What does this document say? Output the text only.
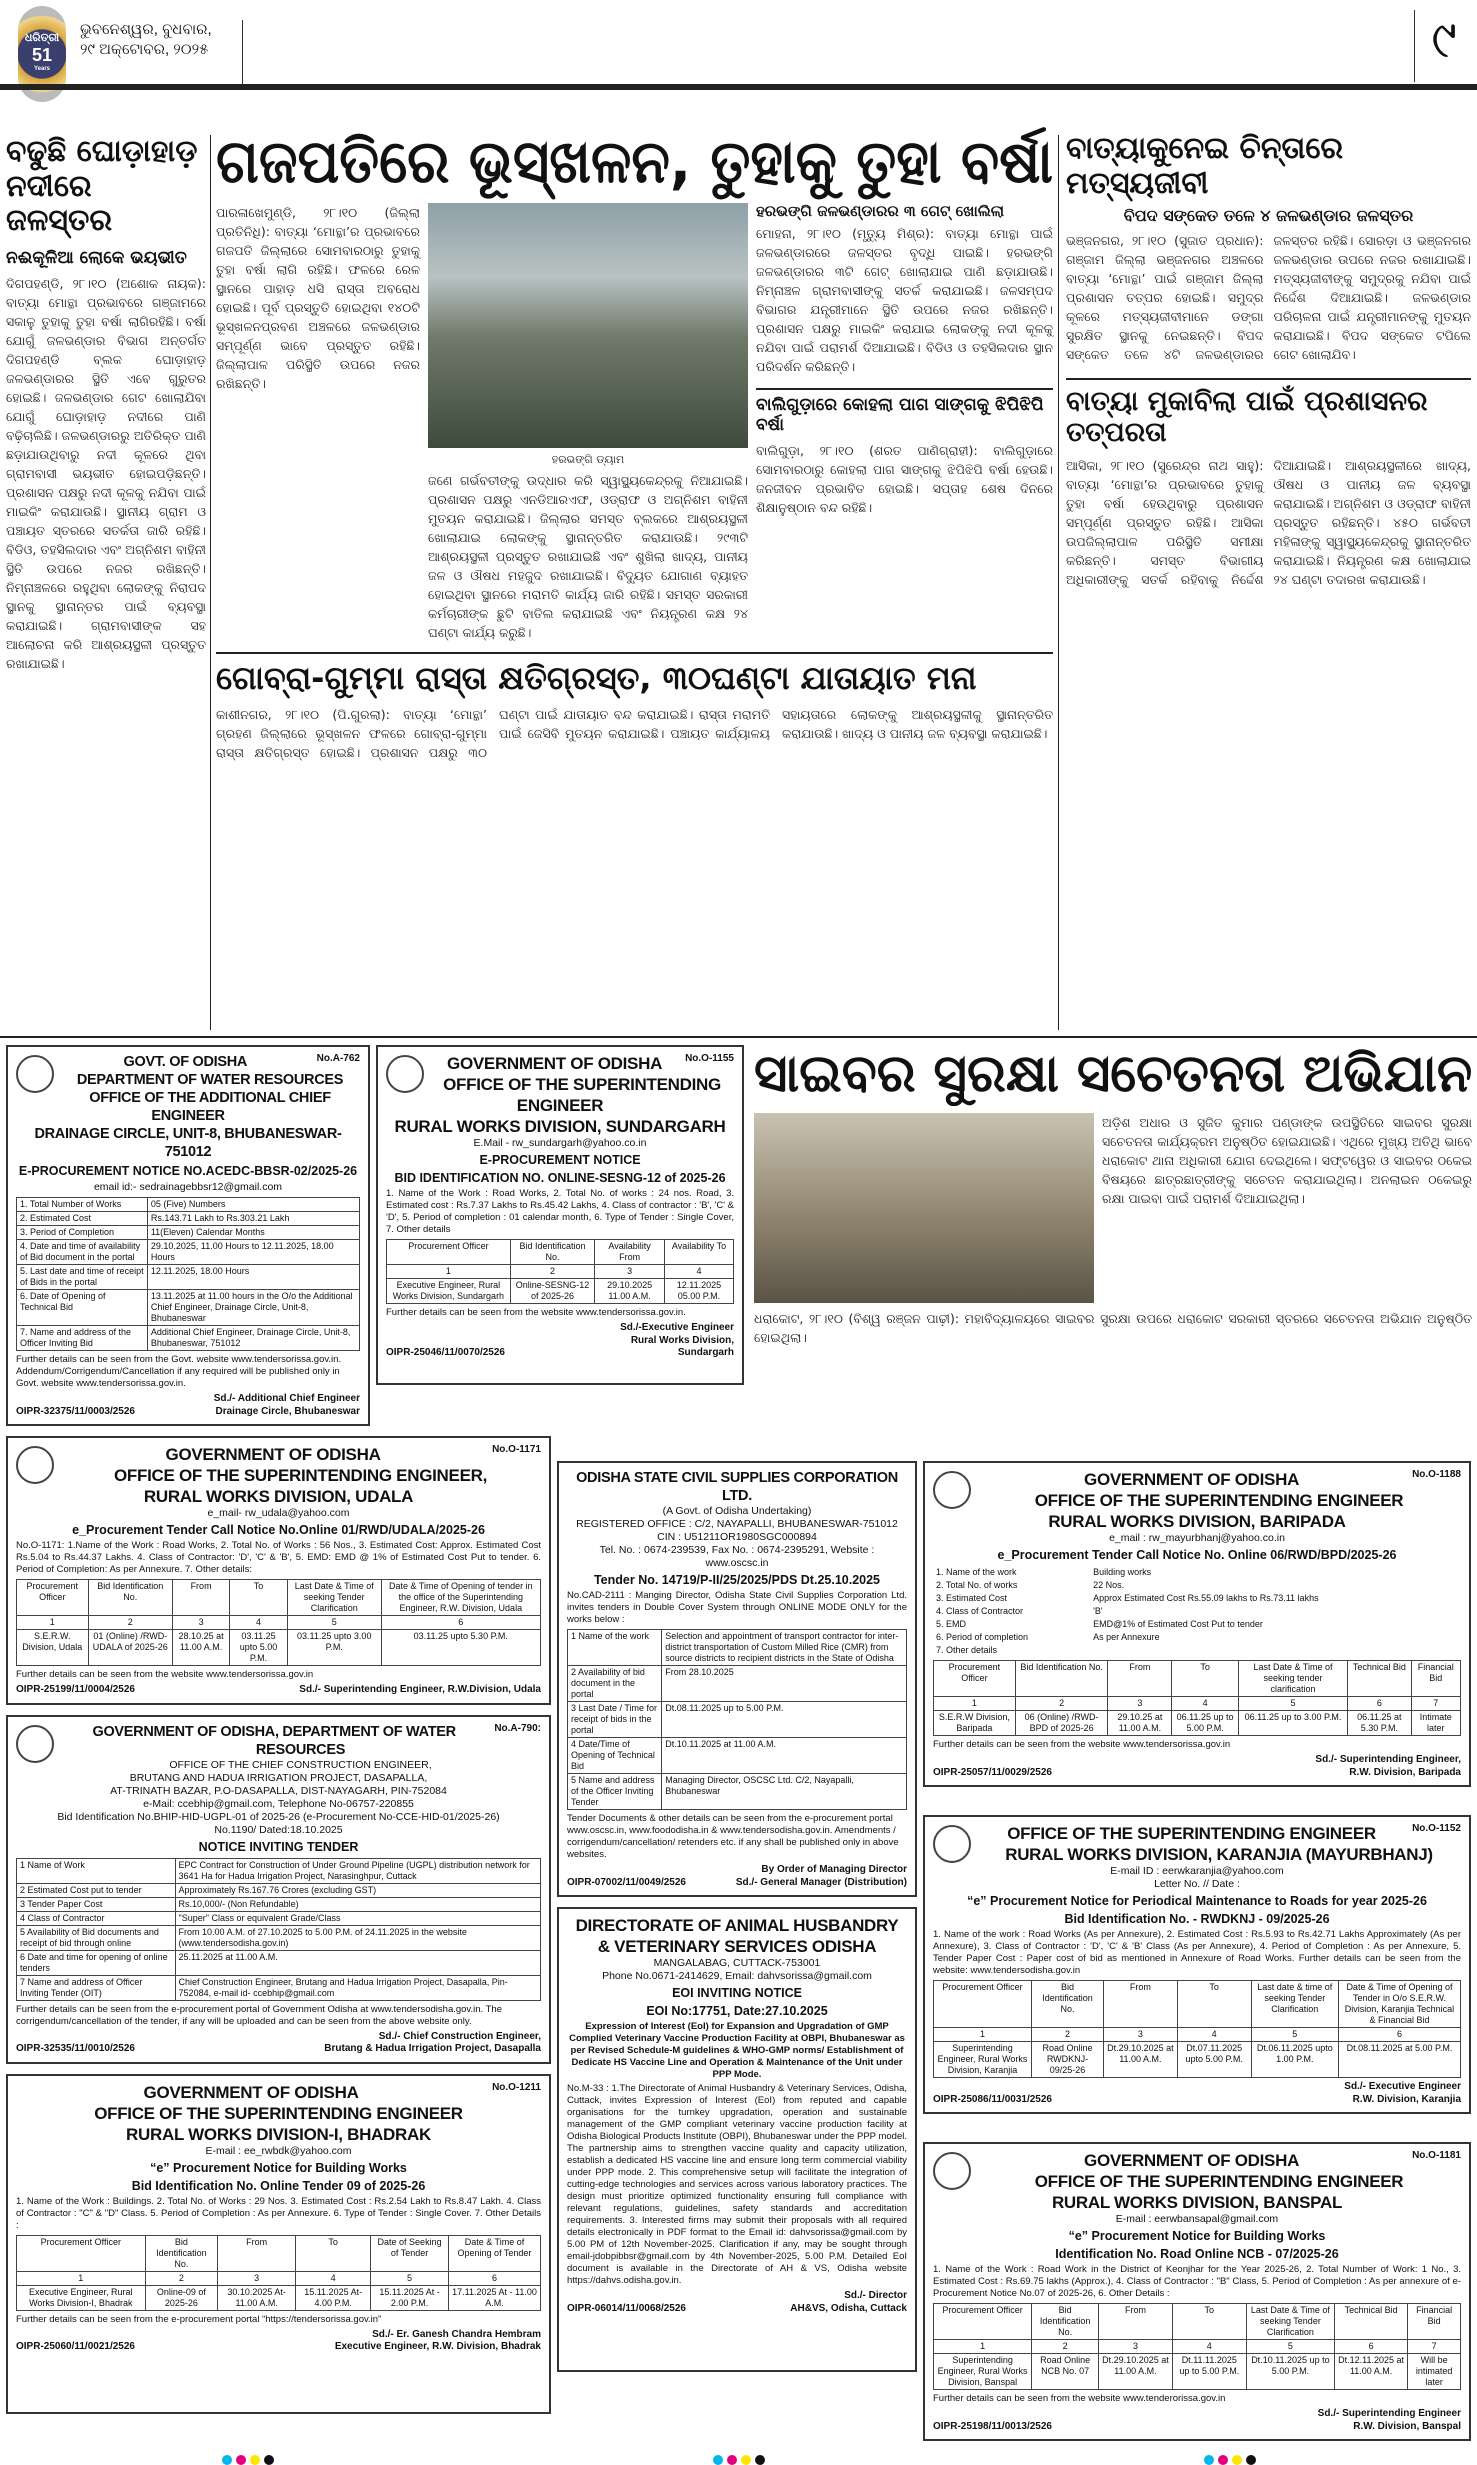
ଧରିତ୍ରୀ
51
Years
ଭୁବନେଶ୍ୱର, ବୁଧବାର,
୨୯ ଅକ୍ଟୋବର, ୨୦୨୫	୯
ବଢୁଛି ଘୋଡ଼ାହାଡ଼ ନଦୀରେ ଜଳସ୍ତର
ନଈକୂଳିଆ ଲୋକେ ଭୟଭୀତ
ଦିଗପହଣ୍ଡି, ୨୮।୧୦ (ଅଶୋକ ନାୟକ): ବାତ୍ୟା ମୋନ୍ଥା ପ୍ରଭାବରେ ଗଞ୍ଜାମରେ ସକାଳୁ ତୁହାକୁ ତୁହା ବର୍ଷା ଲାଗିରହିଛି। ବର୍ଷା ଯୋଗୁଁ ଜଳଭଣ୍ଡାର ବିଭାଗ ଅନ୍ତର୍ଗତ ଦିଗପହଣ୍ଡି ବ୍ଲକ ଘୋଡ଼ାହାଡ଼ ଜଳଭଣ୍ଡାରର ସ୍ଥିତି ଏବେ ଗୁରୁତର ହୋଇଛି। ଜଳଭଣ୍ଡାର ଗେଟ ଖୋଲାଯିବା ଯୋଗୁଁ ଘୋଡ଼ାହାଡ଼ ନଦୀରେ ପାଣି ବଢ଼ିଚାଲିଛି। ଜଳଭଣ୍ଡାରରୁ ଅତିରିକ୍ତ ପାଣି ଛଡ଼ାଯାଉଥିବାରୁ ନଦୀ କୂଳରେ ଥିବା ଗ୍ରାମବାସୀ ଭୟଭୀତ ହୋଇପଡ଼ିଛନ୍ତି। ପ୍ରଶାସନ ପକ୍ଷରୁ ନଦୀ କୂଳକୁ ନଯିବା ପାଇଁ ମାଇକିଂ କରାଯାଉଛି। ସ୍ଥାନୀୟ ଗ୍ରାମ ଓ ପଞ୍ଚାୟତ ସ୍ତରରେ ସତର୍କତା ଜାରି ରହିଛି। ବିଡିଓ, ତହସିଲଦାର ଏବଂ ଅଗ୍ନିଶମ ବାହିନୀ ସ୍ଥିତି ଉପରେ ନଜର ରଖିଛନ୍ତି। ନିମ୍ନାଞ୍ଚଳରେ ରହୁଥିବା ଲୋକଙ୍କୁ ନିରାପଦ ସ୍ଥାନକୁ ସ୍ଥାନାନ୍ତର ପାଇଁ ବ୍ୟବସ୍ଥା କରାଯାଇଛି। ଗ୍ରାମବାସୀଙ୍କ ସହ ଆଲୋଚନା କରି ଆଶ୍ରୟସ୍ଥଳୀ ପ୍ରସ୍ତୁତ ରଖାଯାଇଛି।
ଗଜପତିରେ ଭୂସ୍ଖଳନ, ତୁହାକୁ ତୁହା ବର୍ଷା
ପାରଳାଖେମୁଣ୍ଡି, ୨୮।୧୦ (ଜିଲ୍ଲା ପ୍ରତିନିଧି): ବାତ୍ୟା ‘ମୋନ୍ଥା’ର ପ୍ରଭାବରେ ଗଜପତି ଜିଲ୍ଲାରେ ସୋମବାରଠାରୁ ତୁହାକୁ ତୁହା ବର୍ଷା ଲାଗି ରହିଛି। ଫଳରେ ରେଳ ସ୍ଥାନରେ ପାହାଡ଼ ଧସି ରାସ୍ତା ଅବରୋଧ ହୋଇଛି। ପୂର୍ବ ପ୍ରସ୍ତୁତି ହୋଇଥିବା ୧୪୦ଟି ଭୂସ୍ଖଳନପ୍ରବଣ ଅଞ୍ଚଳରେ ଜଳଭଣ୍ଡାର ସମ୍ପୂର୍ଣ୍ଣ ଭାବେ ପ୍ରସ୍ତୁତ ରହିଛି। ଜିଲ୍ଲାପାଳ ପରିସ୍ଥିତି ଉପରେ ନଜର ରଖିଛନ୍ତି।
ହରଭଙ୍ଗି ଡ୍ୟାମ
ଜଣେ ଗର୍ଭବତୀଙ୍କୁ ଉଦ୍ଧାର କରି ସ୍ୱାସ୍ଥ୍ୟକେନ୍ଦ୍ରକୁ ନିଆଯାଇଛି। ପ୍ରଶାସନ ପକ୍ଷରୁ ଏନଡିଆରଏଫ, ଓଡ୍ରାଫ ଓ ଅଗ୍ନିଶମ ବାହିନୀ ମୁତୟନ କରାଯାଇଛି। ଜିଲ୍ଲାର ସମସ୍ତ ବ୍ଲକରେ ଆଶ୍ରୟସ୍ଥଳୀ ଖୋଲାଯାଇ ଲୋକଙ୍କୁ ସ୍ଥାନାନ୍ତରିତ କରାଯାଉଛି। ୨୯୩ଟି ଆଶ୍ରୟସ୍ଥଳୀ ପ୍ରସ୍ତୁତ ରଖାଯାଇଛି ଏବଂ ଶୁଖିଲା ଖାଦ୍ୟ, ପାନୀୟ ଜଳ ଓ ଔଷଧ ମହଜୁଦ ରଖାଯାଇଛି। ବିଦ୍ୟୁତ ଯୋଗାଣ ବ୍ୟାହତ ହୋଇଥିବା ସ୍ଥାନରେ ମରାମତି କାର୍ଯ୍ୟ ଜାରି ରହିଛି। ସମସ୍ତ ସରକାରୀ କର୍ମଚାରୀଙ୍କ ଛୁଟି ବାତିଲ କରାଯାଇଛି ଏବଂ ନିୟନ୍ତ୍ରଣ କକ୍ଷ ୨୪ ଘଣ୍ଟା କାର୍ଯ୍ୟ କରୁଛି।
ହରଭଙ୍ଗି ଜଳଭଣ୍ଡାରର ୩ ଗେଟ୍ ଖୋଲିଲା
ମୋହନା, ୨୮।୧୦ (ମୃତ୍ୟୁ ମିଶ୍ର): ବାତ୍ୟା ମୋନ୍ଥା ପାଇଁ ଜଳଭଣ୍ଡାରରେ ଜଳସ୍ତର ବୃଦ୍ଧି ପାଇଛି। ହରଭଙ୍ଗି ଜଳଭଣ୍ଡାରର ୩ଟି ଗେଟ୍ ଖୋଲାଯାଇ ପାଣି ଛଡ଼ାଯାଉଛି। ନିମ୍ନାଞ୍ଚଳ ଗ୍ରାମବାସୀଙ୍କୁ ସତର୍କ କରାଯାଇଛି। ଜଳସମ୍ପଦ ବିଭାଗର ଯନ୍ତ୍ରୀମାନେ ସ୍ଥିତି ଉପରେ ନଜର ରଖିଛନ୍ତି। ପ୍ରଶାସନ ପକ୍ଷରୁ ମାଇକିଂ କରାଯାଇ ଲୋକଙ୍କୁ ନଦୀ କୂଳକୁ ନଯିବା ପାଇଁ ପରାମର୍ଶ ଦିଆଯାଇଛି। ବିଡିଓ ଓ ତହସିଲଦାର ସ୍ଥାନ ପରିଦର୍ଶନ କରିଛନ୍ତି।
ବାଲିଗୁଡ଼ାରେ କୋହଲା ପାଗ ସାଙ୍ଗକୁ ଝିପିଝିପି ବର୍ଷା
ବାଲିଗୁଡ଼ା, ୨୮।୧୦ (ଶରତ ପାଣିଗ୍ରାହୀ): ବାଲିଗୁଡ଼ାରେ ସୋମବାରଠାରୁ କୋହଲା ପାଗ ସାଙ୍ଗକୁ ଝିପିଝିପି ବର୍ଷା ହେଉଛି। ଜନଜୀବନ ପ୍ରଭାବିତ ହୋଇଛି। ସପ୍ତାହ ଶେଷ ଦିନରେ ଶିକ୍ଷାନୁଷ୍ଠାନ ବନ୍ଦ ରହିଛି।
ଗୋବ୍ରା-ଗୁମ୍ମା ରାସ୍ତା କ୍ଷତିଗ୍ରସ୍ତ, ୩୦ଘଣ୍ଟା ଯାତାୟାତ ମନା
କାଶୀନଗର, ୨୮।୧୦ (ପି.ଗୁରଲା): ବାତ୍ୟା ‘ମୋନ୍ଥା’ ଗ୍ରହଣ ଜିଲ୍ଲାରେ ଭୂସ୍ଖଳନ ଫଳରେ ଗୋବ୍ରା-ଗୁମ୍ମା ରାସ୍ତା କ୍ଷତିଗ୍ରସ୍ତ ହୋଇଛି। ପ୍ରଶାସନ ପକ୍ଷରୁ ୩୦ ଘଣ୍ଟା ପାଇଁ ଯାତାୟାତ ବନ୍ଦ କରାଯାଇଛି। ରାସ୍ତା ମରାମତି ପାଇଁ ଜେସିବି ମୁତୟନ କରାଯାଇଛି। ପଞ୍ଚାୟତ କାର୍ଯ୍ୟାଳୟ ସହାୟତାରେ ଲୋକଙ୍କୁ ଆଶ୍ରୟସ୍ଥଳୀକୁ ସ୍ଥାନାନ୍ତରିତ କରାଯାଉଛି। ଖାଦ୍ୟ ଓ ପାନୀୟ ଜଳ ବ୍ୟବସ୍ଥା କରାଯାଇଛି।
ବାତ୍ୟାକୁନେଇ ଚିନ୍ତାରେ ମତ୍ସ୍ୟଜୀବୀ
ବିପଦ ସଙ୍କେତ ତଳେ ୪ ଜଳଭଣ୍ଡାର ଜଳସ୍ତର
ଭଞ୍ଜନଗର, ୨୮।୧୦ (ସୁଜାତ ପ୍ରଧାନ): ଗଞ୍ଜାମ ଜିଲ୍ଲା ଭଞ୍ଜନଗର ଅଞ୍ଚଳରେ ବାତ୍ୟା ‘ମୋନ୍ଥା’ ପାଇଁ ଗଞ୍ଜାମ ଜିଲ୍ଲା ପ୍ରଶାସନ ତତ୍ପର ହୋଇଛି। ସମୁଦ୍ର କୂଳରେ ମତ୍ସ୍ୟଜୀବୀମାନେ ଡଙ୍ଗା ସୁରକ୍ଷିତ ସ୍ଥାନକୁ ନେଇଛନ୍ତି। ବିପଦ ସଙ୍କେତ ତଳେ ୪ଟି ଜଳଭଣ୍ଡାରର ଜଳସ୍ତର ରହିଛି। ସୋରଡ଼ା ଓ ଭଞ୍ଜନଗର ଜଳଭଣ୍ଡାର ଉପରେ ନଜର ରଖାଯାଇଛି। ମତ୍ସ୍ୟଜୀବୀଙ୍କୁ ସମୁଦ୍ରକୁ ନଯିବା ପାଇଁ ନିର୍ଦ୍ଦେଶ ଦିଆଯାଇଛି। ଜଳଭଣ୍ଡାର ପରିଚାଳନା ପାଇଁ ଯନ୍ତ୍ରୀମାନଙ୍କୁ ମୁତୟନ କରାଯାଇଛି। ବିପଦ ସଙ୍କେତ ଟପିଲେ ଗେଟ ଖୋଲାଯିବ।
ବାତ୍ୟା ମୁକାବିଲା ପାଇଁ ପ୍ରଶାସନର ତତ୍ପରତା
ଆସିକା, ୨୮।୧୦ (ସୁରେନ୍ଦ୍ର ନାଥ ସାହୁ): ବାତ୍ୟା ‘ମୋନ୍ଥା’ର ପ୍ରଭାବରେ ତୁହାକୁ ତୁହା ବର୍ଷା ହେଉଥିବାରୁ ପ୍ରଶାସନ ସମ୍ପୂର୍ଣ୍ଣ ପ୍ରସ୍ତୁତ ରହିଛି। ଆସିକା ଉପଜିଲ୍ଲାପାଳ ପରିସ୍ଥିତି ସମୀକ୍ଷା କରିଛନ୍ତି। ସମସ୍ତ ବିଭାଗୀୟ ଅଧିକାରୀଙ୍କୁ ସତର୍କ ରହିବାକୁ ନିର୍ଦ୍ଦେଶ ଦିଆଯାଇଛି। ଆଶ୍ରୟସ୍ଥଳୀରେ ଖାଦ୍ୟ, ଔଷଧ ଓ ପାନୀୟ ଜଳ ବ୍ୟବସ୍ଥା କରାଯାଇଛି। ଅଗ୍ନିଶମ ଓ ଓଡ୍ରାଫ ବାହିନୀ ପ୍ରସ୍ତୁତ ରହିଛନ୍ତି। ୪୫୦ ଗର୍ଭବତୀ ମହିଳାଙ୍କୁ ସ୍ୱାସ୍ଥ୍ୟକେନ୍ଦ୍ରକୁ ସ୍ଥାନାନ୍ତରିତ କରାଯାଇଛି। ନିୟନ୍ତ୍ରଣ କକ୍ଷ ଖୋଲାଯାଇ ୨୪ ଘଣ୍ଟା ତଦାରଖ କରାଯାଉଛି।
No.A-762
GOVT. OF ODISHA
DEPARTMENT OF WATER RESOURCES
OFFICE OF THE ADDITIONAL CHIEF ENGINEER
DRAINAGE CIRCLE, UNIT-8, BHUBANESWAR-751012
E-PROCUREMENT NOTICE NO.ACEDC-BBSR-02/2025-26
email id:- sedrainagebbsr12@gmail.com
1. Total Number of Works	05 (Five) Numbers
2. Estimated Cost	Rs.143.71 Lakh to Rs.303.21 Lakh
3. Period of Completion	11(Eleven) Calendar Months
4. Date and time of availability of Bid document in the portal	29.10.2025, 11.00 Hours to 12.11.2025, 18.00 Hours
5. Last date and time of receipt of Bids in the portal	12.11.2025, 18.00 Hours
6. Date of Opening of Technical Bid	13.11.2025 at 11.00 hours in the O/o the Additional Chief Engineer, Drainage Circle, Unit-8, Bhubaneswar
7. Name and address of the Officer Inviting Bid	Additional Chief Engineer, Drainage Circle, Unit-8, Bhubaneswar, 751012
Further details can be seen from the Govt. website www.tendersorissa.gov.in. Addendum/Corrigendum/Cancellation if any required will be published only in Govt. website www.tendersorissa.gov.in.
OIPR-32375/11/0003/2526
Sd./- Additional Chief Engineer
Drainage Circle, Bhubaneswar
No.O-1155
GOVERNMENT OF ODISHA
OFFICE OF THE SUPERINTENDING ENGINEER
RURAL WORKS DIVISION, SUNDARGARH
E.Mail - rw_sundargarh@yahoo.co.in
E-PROCUREMENT NOTICE
BID IDENTIFICATION NO. ONLINE-SESNG-12 of 2025-26
1. Name of the Work : Road Works, 2. Total No. of works : 24 nos. Road, 3. Estimated cost : Rs.7.37 Lakhs to Rs.45.42 Lakhs, 4. Class of contractor : 'B', 'C' & 'D', 5. Period of completion : 01 calendar month, 6. Type of Tender : Single Cover, 7. Other details
Procurement Officer	Bid Identification No.	Availability From	Availability To
1	2	3	4
Executive Engineer, Rural Works Division, Sundargarh	Online-SESNG-12 of 2025-26	29.10.2025 11.00 A.M.	12.11.2025 05.00 P.M.
Further details can be seen from the website www.tendersorissa.gov.in.
OIPR-25046/11/0070/2526
Sd./-Executive Engineer
Rural Works Division,
Sundargarh
ସାଇବର ସୁରକ୍ଷା ସଚେତନତା ଅଭିଯାନ
ଅଡ଼ିଶ ଅଧାର ଓ ସୁଜିତ କୁମାର ପଣ୍ଡାଙ୍କ ଉପସ୍ଥିତିରେ ସାଇବର ସୁରକ୍ଷା ସଚେତନତା କାର୍ଯ୍ୟକ୍ରମ ଅନୁଷ୍ଠିତ ହୋଇଯାଇଛି। ଏଥିରେ ମୁଖ୍ୟ ଅତିଥି ଭାବେ ଧରାକୋଟ ଥାନା ଅଧିକାରୀ ଯୋଗ ଦେଇଥିଲେ। ସଫ୍ଟୱେର ଓ ସାଇବର ଠକେଇ ବିଷୟରେ ଛାତ୍ରଛାତ୍ରୀଙ୍କୁ ସଚେତନ କରାଯାଇଥିଲା। ଅନଲାଇନ ଠକେଇରୁ ରକ୍ଷା ପାଇବା ପାଇଁ ପରାମର୍ଶ ଦିଆଯାଇଥିଲା।
ଧରାକୋଟ, ୨୮।୧୦ (ବିଶ୍ୱ ରଞ୍ଜନ ପାଢ଼ୀ): ମହାବିଦ୍ୟାଳୟରେ ସାଇବର ସୁରକ୍ଷା ଉପରେ ଧରାକୋଟ ସରକାରୀ ସ୍ତରରେ ସଚେତନତା ଅଭିଯାନ ଅନୁଷ୍ଠିତ ହୋଇଥିଲା।
No.O-1171
GOVERNMENT OF ODISHA
OFFICE OF THE SUPERINTENDING ENGINEER,
RURAL WORKS DIVISION, UDALA
e_mail- rw_udala@yahoo.com
e_Procurement Tender Call Notice No.Online 01/RWD/UDALA/2025-26
No.O-1171: 1.Name of the Work : Road Works, 2. Total No. of Works : 56 Nos., 3. Estimated Cost: Approx. Estimated Cost Rs.5.04 to Rs.44.37 Lakhs. 4. Class of Contractor: 'D', 'C' & 'B', 5. EMD: EMD @ 1% of Estimated Cost Put to tender. 6. Period of Completion: As per Annexure. 7. Other details:
Procurement Officer	Bid Identification No.	From	To	Last Date & Time of seeking Tender Clarification	Date & Time of Opening of tender in the office of the Superintending Engineer, R.W. Division, Udala
1	2	3	4	5	6
S.E.R.W. Division, Udala	01 (Online) /RWD-UDALA of 2025-26	28.10.25 at 11.00 A.M.	03.11.25 upto 5.00 P.M.	03.11.25 upto 3.00 P.M.	03.11.25 upto 5.30 P.M.
Further details can be seen from the website www.tendersorissa.gov.in
OIPR-25199/11/0004/2526	Sd./- Superintending Engineer, R.W.Division, Udala
No.A-790:
GOVERNMENT OF ODISHA, DEPARTMENT OF WATER RESOURCES
OFFICE OF THE CHIEF CONSTRUCTION ENGINEER,
BRUTANG AND HADUA IRRIGATION PROJECT, DASAPALLA,
AT-TRINATH BAZAR, P.O-DASAPALLA, DIST-NAYAGARH, PIN-752084
e-Mail: ccebhip@gmail.com, Telephone No-06757-220855
Bid Identification No.BHIP-HID-UGPL-01 of 2025-26 (e-Procurement No-CCE-HID-01/2025-26)
No.1190/ Dated:18.10.2025
NOTICE INVITING TENDER
1 Name of Work	EPC Contract for Construction of Under Ground Pipeline (UGPL) distribution network for 3641 Ha for Hadua Irrigation Project, Narasinghpur, Cuttack
2 Estimated Cost put to tender	Approximately Rs.167.76 Crores (excluding GST)
3 Tender Paper Cost	Rs.10,000/- (Non Refundable)
4 Class of Contractor	"Super" Class or equivalent Grade/Class
5 Availability of Bid documents and receipt of bid through online	From 10.00 A.M. of 27.10.2025 to 5.00 P.M. of 24.11.2025 in the website (www.tendersodisha.gov.in)
6 Date and time for opening of online tenders	25.11.2025 at 11.00 A.M.
7 Name and address of Officer Inviting Tender (OIT)	Chief Construction Engineer, Brutang and Hadua Irrigation Project, Dasapalla, Pin-752084, e-mail id- ccebhip@gmail.com
Further details can be seen from the e-procurement portal of Government Odisha at www.tendersodisha.gov.in. The corrigendum/cancellation of the tender, if any will be uploaded and can be seen from the above website only.
OIPR-32535/11/0010/2526
Sd./- Chief Construction Engineer,
Brutang & Hadua Irrigation Project, Dasapalla
No.O-1211
GOVERNMENT OF ODISHA
OFFICE OF THE SUPERINTENDING ENGINEER
RURAL WORKS DIVISION-I, BHADRAK
E-mail : ee_rwbdk@yahoo.com
“e” Procurement Notice for Building Works
Bid Identification No. Online Tender 09 of 2025-26
1. Name of the Work : Buildings. 2. Total No. of Works : 29 Nos. 3. Estimated Cost : Rs.2.54 Lakh to Rs.8.47 Lakh. 4. Class of Contractor : "C" & "D" Class. 5. Period of Completion : As per Annexure. 6. Type of Tender : Single Cover. 7. Other Details :
Procurement Officer	Bid Identification No.	From	To	Date of Seeking of Tender	Date & Time of Opening of Tender
1	2	3	4	5	6
Executive Engineer, Rural Works Division-I, Bhadrak	Online-09 of 2025-26	30.10.2025 At- 11.00 A.M.	15.11.2025 At- 4.00 P.M.	15.11.2025 At - 2.00 P.M.	17.11.2025 At - 11.00 A.M.
Further details can be seen from the e-procurement portal “https://tendersorissa.gov.in”
OIPR-25060/11/0021/2526
Sd./- Er. Ganesh Chandra Hembram
Executive Engineer, R.W. Division, Bhadrak
ODISHA STATE CIVIL SUPPLIES CORPORATION LTD.
(A Govt. of Odisha Undertaking)
REGISTERED OFFICE : C/2, NAYAPALLI, BHUBANESWAR-751012
CIN : U51211OR1980SGC000894
Tel. No. : 0674-239539, Fax No. : 0674-2395291, Website : www.oscsc.in
Tender No. 14719/P-II/25/2025/PDS Dt.25.10.2025
No.CAD-2111 : Manging Director, Odisha State Civil Supplies Corporation Ltd. invites tenders in Double Cover System through ONLINE MODE ONLY for the works below :
1 Name of the work	Selection and appointment of transport contractor for inter-district transportation of Custom Milled Rice (CMR) from source districts to recipient districts in the State of Odisha
2 Availability of bid document in the portal	From 28.10.2025
3 Last Date / Time for receipt of bids in the portal	Dt.08.11.2025 up to 5.00 P.M.
4 Date/Time of Opening of Technical Bid	Dt.10.11.2025 at 11.00 A.M.
5 Name and address of the Officer Inviting Tender	Managing Director, OSCSC Ltd. C/2, Nayapalli, Bhubaneswar
Tender Documents & other details can be seen from the e-procurement portal www.oscsc.in, www.foododisha.in & www.tendersodisha.gov.in. Amendments / corrigendum/cancellation/ retenders etc. if any shall be published only in above websites.
OIPR-07002/11/0049/2526
By Order of Managing Director
Sd./- General Manager (Distribution)
DIRECTORATE OF ANIMAL HUSBANDRY
& VETERINARY SERVICES ODISHA
MANGALABAG, CUTTACK-753001
Phone No.0671-2414629, Email: dahvsorissa@gmail.com
EOI INVITING NOTICE
EOI No:17751, Date:27.10.2025
Expression of Interest (EoI) for Expansion and Upgradation of GMP Complied Veterinary Vaccine Production Facility at OBPI, Bhubaneswar as per Revised Schedule-M guidelines & WHO-GMP norms/ Establishment of Dedicate HS Vaccine Line and Operation & Maintenance of the Unit under PPP Mode.
No.M-33 : 1.The Directorate of Animal Husbandry & Veterinary Services, Odisha, Cuttack, invites Expression of Interest (EoI) from reputed and capable organisations for the turnkey upgradation, operation and sustainable management of the GMP compliant veterinary vaccine production facility at Odisha Biological Products Institute (OBPI), Bhubaneswar under the PPP model. The partnership aims to strengthen vaccine quality and capacity utilization, establish a dedicated HS vaccine line and ensure long term commercial viability under PPP mode. 2. This comprehensive setup will facilitate the integration of cutting-edge technologies and services across various laboratory practices. The design must prioritize optimized functionality ensuring full compliance with relevant regulations, guidelines, safety standards and accreditation requirements. 3. Interested firms may submit their proposals with all required details electronically in PDF format to the Email id: dahvsorissa@gmail.com by 5.00 PM of 12th November-2025. Clarification if any, may be sought through email-jdobpibbsr@gmail.com by 4th November-2025, 5.00 P.M. Detailed EoI document is available in the Directorate of AH & VS, Odisha website https://dahvs.odisha.gov.in.
OIPR-06014/11/0068/2526
Sd./- Director
AH&VS, Odisha, Cuttack
No.O-1188
GOVERNMENT OF ODISHA
OFFICE OF THE SUPERINTENDING ENGINEER
RURAL WORKS DIVISION, BARIPADA
e_mail : rw_mayurbhanj@yahoo.co.in
e_Procurement Tender Call Notice No. Online 06/RWD/BPD/2025-26
1. Name of the work	Building works
2. Total No. of works	22 Nos.
3. Estimated Cost	Approx Estimated Cost Rs.55.09 lakhs to Rs.73.11 lakhs
4. Class of Contractor	'B'
5. EMD	EMD@1% of Estimated Cost Put to tender
6. Period of completion	As per Annexure
7. Other details	
Procurement Officer	Bid Identification No.	From	To	Last Date & Time of seeking tender clarification	Technical Bid	Financial Bid
1	2	3	4	5	6	7
S.E.R.W Division, Baripada	06 (Online) /RWD-BPD of 2025-26	29.10.25 at 11.00 A.M.	06.11.25 up to 5.00 P.M.	06.11.25 up to 3.00 P.M.	06.11.25 at 5.30 P.M.	Intimate later
Further details can be seen from the website www.tendersorissa.gov.in
OIPR-25057/11/0029/2526
Sd./- Superintending Engineer,
R.W. Division, Baripada
No.O-1152
OFFICE OF THE SUPERINTENDING ENGINEER
RURAL WORKS DIVISION, KARANJIA (MAYURBHANJ)
E-mail ID : eerwkaranjia@yahoo.com
Letter No. // Date :
“e” Procurement Notice for Periodical Maintenance to Roads for year 2025-26
Bid Identification No. - RWDKNJ - 09/2025-26
1. Name of the work : Road Works (As per Annexure), 2. Estimated Cost : Rs.5.93 to Rs.42.71 Lakhs Approximately (As per Annexure), 3. Class of Contractor : 'D', 'C' & 'B' Class (As per Annexure), 4. Period of Completion : As per Annexure, 5. Tender Paper Cost : Paper cost of bid as mentioned in Annexure of Road Works. Further details can be seen from the website: www.tendersodisha.gov.in
Procurement Officer	Bid Identification No.	From	To	Last date & time of seeking Tender Clarification	Date & Time of Opening of Tender in O/o S.E.R.W. Division, Karanjia Technical & Financial Bid
1	2	3	4	5	6
Superintending Engineer, Rural Works Division, Karanjia	Road Online RWDKNJ-09/25-26	Dt.29.10.2025 at 11.00 A.M.	Dt.07.11.2025 upto 5.00 P.M.	Dt.06.11.2025 upto 1.00 P.M.	Dt.08.11.2025 at 5.00 P.M.
OIPR-25086/11/0031/2526
Sd./- Executive Engineer
R.W. Division, Karanjia
No.O-1181
GOVERNMENT OF ODISHA
OFFICE OF THE SUPERINTENDING ENGINEER
RURAL WORKS DIVISION, BANSPAL
E-mail : eerwbansapal@gmail.com
“e” Procurement Notice for Building Works
Identification No. Road Online NCB - 07/2025-26
1. Name of the Work : Road Work in the District of Keonjhar for the Year 2025-26, 2. Total Number of Work: 1 No., 3. Estimated Cost : Rs.69.75 lakhs (Approx.), 4. Class of Contractor : "B" Class, 5. Period of Completion : As per annexure of e-Procurement Notice No.07 of 2025-26, 6. Other Details :
Procurement Officer	Bid Identification No.	From	To	Last Date & Time of seeking Tender Clarification	Technical Bid	Financial Bid
1	2	3	4	5	6	7
Superintending Engineer, Rural Works Division, Banspal	Road Online NCB No. 07	Dt.29.10.2025 at 11.00 A.M.	Dt.11.11.2025 up to 5.00 P.M.	Dt.10.11.2025 up to 5.00 P.M.	Dt.12.11.2025 at 11.00 A.M.	Will be intimated later
Further details can be seen from the website www.tenderorissa.gov.in
OIPR-25198/11/0013/2526
Sd./- Superintending Engineer
R.W. Division, Banspal
